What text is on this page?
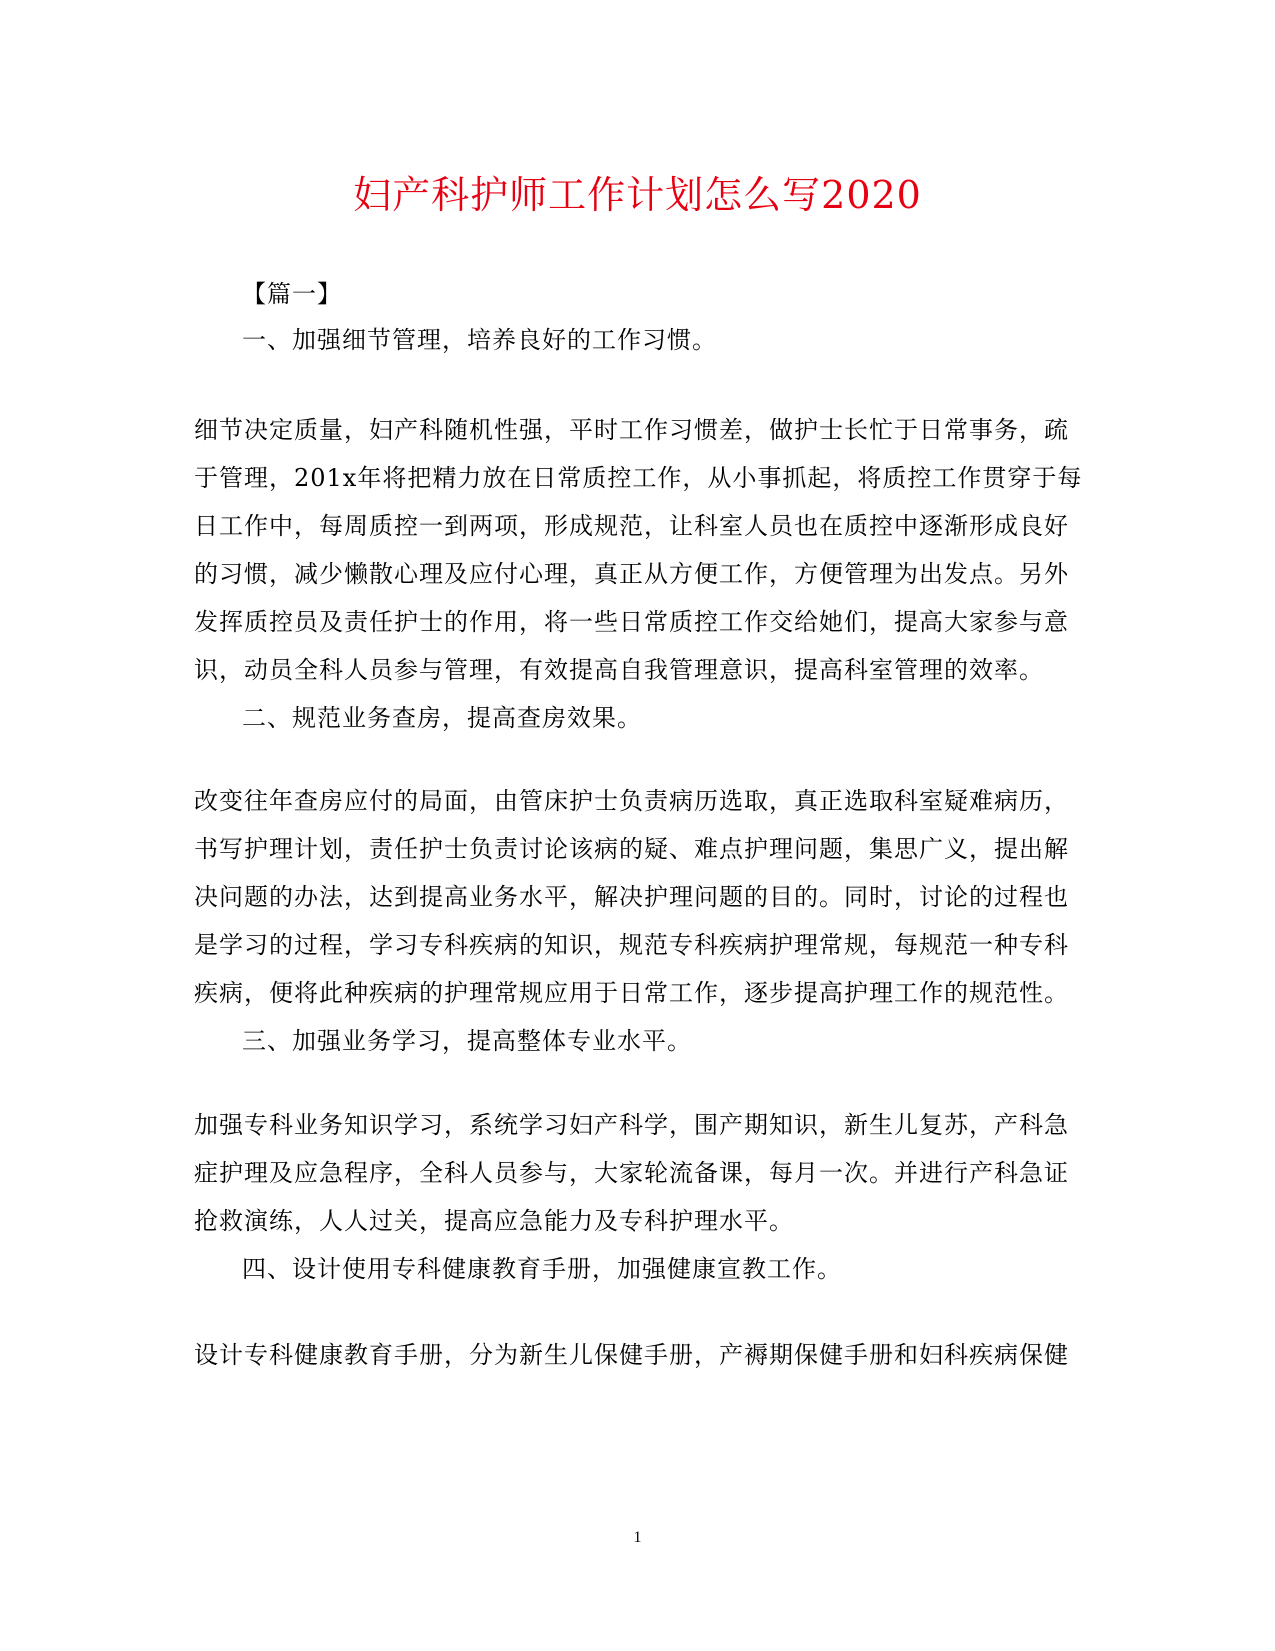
妇产科护师工作计划怎么写2020

【篇一】

一、加强细节管理，培养良好的工作习惯。

细节决定质量，妇产科随机性强，平时工作习惯差，做护士长忙于日常事务，疏

于管理，201x年将把精力放在日常质控工作，从小事抓起，将质控工作贯穿于每

日工作中，每周质控一到两项，形成规范，让科室人员也在质控中逐渐形成良好

的习惯，减少懒散心理及应付心理，真正从方便工作，方便管理为出发点。另外

发挥质控员及责任护士的作用，将一些日常质控工作交给她们，提高大家参与意

识，动员全科人员参与管理，有效提高自我管理意识，提高科室管理的效率。

二、规范业务查房，提高查房效果。

改变往年查房应付的局面，由管床护士负责病历选取，真正选取科室疑难病历，

书写护理计划，责任护士负责讨论该病的疑、难点护理问题，集思广义，提出解

决问题的办法，达到提高业务水平，解决护理问题的目的。同时，讨论的过程也

是学习的过程，学习专科疾病的知识，规范专科疾病护理常规，每规范一种专科

疾病，便将此种疾病的护理常规应用于日常工作，逐步提高护理工作的规范性。

三、加强业务学习，提高整体专业水平。

加强专科业务知识学习，系统学习妇产科学，围产期知识，新生儿复苏，产科急

症护理及应急程序，全科人员参与，大家轮流备课，每月一次。并进行产科急证

抢救演练，人人过关，提高应急能力及专科护理水平。

四、设计使用专科健康教育手册，加强健康宣教工作。

设计专科健康教育手册，分为新生儿保健手册，产褥期保健手册和妇科疾病保健

1
